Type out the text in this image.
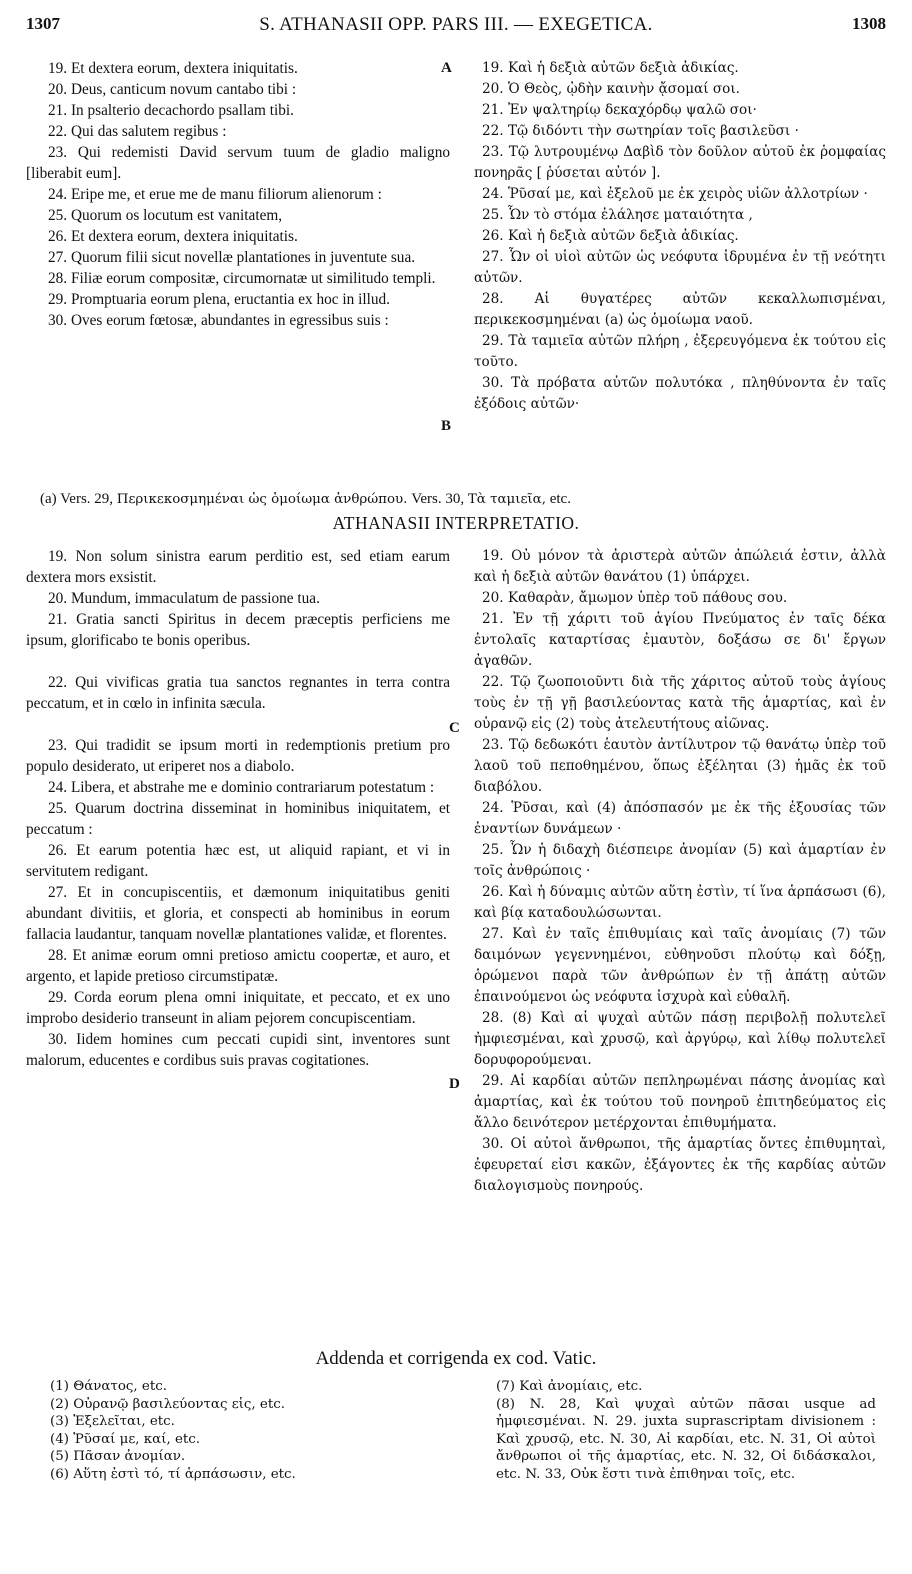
1307	S. ATHANASII OPP. PARS III. — EXEGETICA.	1308

19. Et dextera eorum, dextera iniquitatis.

20. Deus, canticum novum cantabo tibi :

21. In psalterio decachordo psallam tibi.

22. Qui das salutem regibus :

23. Qui redemisti David servum tuum de gladio maligno [liberabit eum].

24. Eripe me, et erue me de manu filiorum alienorum :

25. Quorum os locutum est vanitatem,

26. Et dextera eorum, dextera iniquitatis.

27. Quorum filii sicut novellæ plantationes in juventute sua.

28. Filiæ eorum compositæ, circumornatæ ut similitudo templi.

29. Promptuaria eorum plena, eructantia ex hoc in illud.

30. Oves eorum fœtosæ, abundantes in egressibus suis :

19. Καὶ ἡ δεξιὰ αὐτῶν δεξιὰ ἀδικίας.

20. Ὁ Θεὸς, ᾠδὴν καινὴν ᾄσομαί σοι.

21. Ἐν ψαλτηρίῳ δεκαχόρδῳ ψαλῶ σοι·

22. Τῷ διδόντι τὴν σωτηρίαν τοῖς βασιλεῦσι ·

23. Τῷ λυτρουμένῳ Δαβὶδ τὸν δοῦλον αὐτοῦ ἐκ ῥομφαίας πονηρᾶς [ ῥύσεται αὐτόν ].

24. Ῥῦσαί με, καὶ ἐξελοῦ με ἐκ χειρὸς υἱῶν ἀλλοτρίων ·

25. Ὧν τὸ στόμα ἐλάλησε ματαιότητα ,

26. Καὶ ἡ δεξιὰ αὐτῶν δεξιὰ ἀδικίας.

27. Ὧν οἱ υἱοὶ αὐτῶν ὡς νεόφυτα ἱδρυμένα ἐν τῇ νεότητι αὐτῶν.

28. Αἱ θυγατέρες αὐτῶν κεκαλλωπισμέναι, περικεκοσμημέναι (a) ὡς ὁμοίωμα ναοῦ.

29. Τὰ ταμιεῖα αὐτῶν πλήρη , ἐξερευγόμενα ἐκ τούτου εἰς τοῦτο.

30. Τὰ πρόβατα αὐτῶν πολυτόκα , πληθύνοντα ἐν ταῖς ἐξόδοις αὐτῶν·

A
B
(a) Vers. 29, Περικεκοσμημέναι ὡς ὁμοίωμα ἀνθρώπου. Vers. 30, Τὰ ταμιεῖα, etc.
ATHANASII INTERPRETATIO.

19. Non solum sinistra earum perditio est, sed etiam earum dextera mors exsistit.

20. Mundum, immaculatum de passione tua.

21. Gratia sancti Spiritus in decem præceptis perficiens me ipsum, glorificabo te bonis operibus.

22. Qui vivificas gratia tua sanctos regnantes in terra contra peccatum, et in cœlo in infinita sæcula.

23. Qui tradidit se ipsum morti in redemptionis pretium pro populo desiderato, ut eriperet nos a diabolo.

24. Libera, et abstrahe me e dominio contrariarum potestatum :

25. Quarum doctrina disseminat in hominibus iniquitatem, et peccatum :

26. Et earum potentia hæc est, ut aliquid rapiant, et vi in servitutem redigant.

27. Et in concupiscentiis, et dæmonum iniquitatibus geniti abundant divitiis, et gloria, et conspecti ab hominibus in eorum fallacia laudantur, tanquam novellæ plantationes validæ, et florentes.

28. Et animæ eorum omni pretioso amictu coopertæ, et auro, et argento, et lapide pretioso circumstipatæ.

29. Corda eorum plena omni iniquitate, et peccato, et ex uno improbo desiderio transeunt in aliam pejorem concupiscentiam.

30. Iidem homines cum peccati cupidi sint, inventores sunt malorum, educentes e cordibus suis pravas cogitationes.

19. Οὐ μόνον τὰ ἀριστερὰ αὐτῶν ἀπώλειά ἐστιν, ἀλλὰ καὶ ἡ δεξιὰ αὐτῶν θανάτου (1) ὑπάρχει.

20. Καθαρὰν, ἄμωμον ὑπὲρ τοῦ πάθους σου.

21. Ἐν τῇ χάριτι τοῦ ἁγίου Πνεύματος ἐν ταῖς δέκα ἐντολαῖς καταρτίσας ἐμαυτὸν, δοξάσω σε δι' ἔργων ἀγαθῶν.

22. Τῷ ζωοποιοῦντι διὰ τῆς χάριτος αὐτοῦ τοὺς ἁγίους τοὺς ἐν τῇ γῇ βασιλεύοντας κατὰ τῆς ἁμαρτίας, καὶ ἐν οὐρανῷ εἰς (2) τοὺς ἀτελευτήτους αἰῶνας.

23. Τῷ δεδωκότι ἑαυτὸν ἀντίλυτρον τῷ θανάτῳ ὑπὲρ τοῦ λαοῦ τοῦ πεποθημένου, ὅπως ἐξέληται (3) ἡμᾶς ἐκ τοῦ διαβόλου.

24. Ῥῦσαι, καὶ (4) ἀπόσπασόν με ἐκ τῆς ἐξουσίας τῶν ἐναντίων δυνάμεων ·

25. Ὧν ἡ διδαχὴ διέσπειρε ἀνομίαν (5) καὶ ἁμαρτίαν ἐν τοῖς ἀνθρώποις ·

26. Καὶ ἡ δύναμις αὐτῶν αὕτη ἐστὶν, τί ἵνα ἁρπάσωσι (6), καὶ βίᾳ καταδουλώσωνται.

27. Καὶ ἐν ταῖς ἐπιθυμίαις καὶ ταῖς ἀνομίαις (7) τῶν δαιμόνων γεγεννημένοι, εὐθηνοῦσι πλούτῳ καὶ δόξῃ, ὁρώμενοι παρὰ τῶν ἀνθρώπων ἐν τῇ ἀπάτῃ αὐτῶν ἐπαινούμενοι ὡς νεόφυτα ἰσχυρὰ καὶ εὐθαλῆ.

28. (8) Καὶ αἱ ψυχαὶ αὐτῶν πάσῃ περιβολῇ πολυτελεῖ ἠμφιεσμέναι, καὶ χρυσῷ, καὶ ἀργύρῳ, καὶ λίθῳ πολυτελεῖ δορυφορούμεναι.

29. Αἱ καρδίαι αὐτῶν πεπληρωμέναι πάσης ἀνομίας καὶ ἁμαρτίας, καὶ ἐκ τούτου τοῦ πονηροῦ ἐπιτηδεύματος εἰς ἄλλο δεινότερον μετέρχονται ἐπιθυμήματα.

30. Οἱ αὐτοὶ ἄνθρωποι, τῆς ἁμαρτίας ὄντες ἐπιθυμηταὶ, ἐφευρεταί εἰσι κακῶν, ἐξάγοντες ἐκ τῆς καρδίας αὐτῶν διαλογισμοὺς πονηρούς.

C
D
Addenda et corrigenda ex cod. Vatic.
(1) Θάνατος, etc.
(2) Οὐρανῷ βασιλεύοντας εἰς, etc.
(3) Ἐξελεῖται, etc.
(4) Ῥῦσαί με, καί, etc.
(5) Πᾶσαν ἀνομίαν.
(6) Αὕτη ἐστὶ τό, τί ἁρπάσωσιν, etc.
(7) Καὶ ἀνομίαις, etc.
(8) N. 28, Καὶ ψυχαὶ αὐτῶν πᾶσαι usque ad ἠμφιεσμέναι. N. 29. juxta suprascriptam divisionem : Καὶ χρυσῷ, etc. N. 30, Αἱ καρδίαι, etc. N. 31, Οἱ αὐτοὶ ἄνθρωποι οἱ τῆς ἁμαρτίας, etc. N. 32, Οἱ διδάσκαλοι, etc. N. 33, Οὐκ ἔστι τινὰ ἐπιθηναι τοῖς, etc.
